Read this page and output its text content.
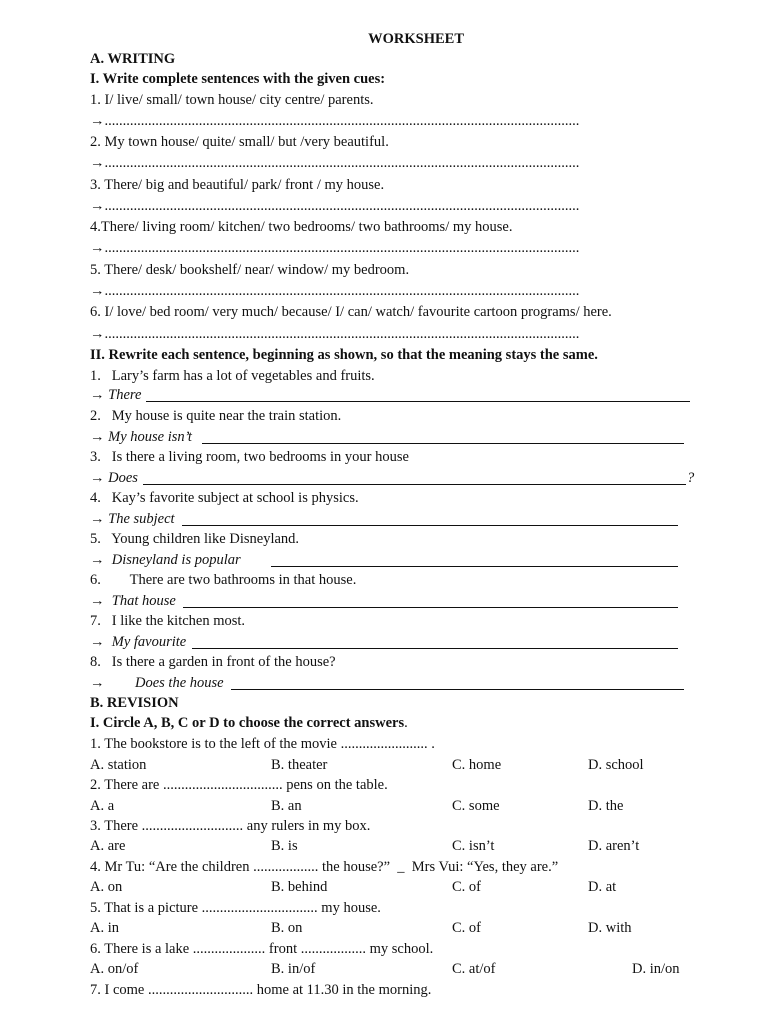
WORKSHEET
A. WRITING
I. Write complete sentences with the given cues:
1. I/ live/ small/ town house/ city centre/ parents.
→...................................................................................................................................
2. My town house/ quite/ small/ but /very beautiful.
→...................................................................................................................................
3. There/ big and beautiful/ park/ front / my house.
→...................................................................................................................................
4.There/ living room/ kitchen/ two bedrooms/ two bathrooms/ my house.
→...................................................................................................................................
5. There/ desk/ bookshelf/ near/ window/ my bedroom.
→...................................................................................................................................
6. I/ love/ bed room/ very much/ because/ I/ can/ watch/ favourite cartoon programs/ here.
→...................................................................................................................................
II. Rewrite each sentence, beginning as shown, so that the meaning stays the same.
1. Lary’s farm has a lot of vegetables and fruits.
→ There
2. My house is quite near the train station.
→ My house isn’t
3. Is there a living room, two bedrooms in your house
→ Does	?
4. Kay’s favorite subject at school is physics.
→ The subject
5. Young children like Disneyland.
→ Disneyland is popular
6. There are two bathrooms in that house.
→ That house
7. I like the kitchen most.
→ My favourite
8. Is there a garden in front of the house?
→ Does the house
B. REVISION
I. Circle A, B, C or D to choose the correct answers.
1. The bookstore is to the left of the movie ........................ .
A. station	B. theater	C. home	D. school
2. There are ................................. pens on the table.
A. a	B. an	C. some	D. the
3. There ............................ any rulers in my box.
A. are	B. is	C. isn’t	D. aren’t
4. Mr Tu: “Are the children .................. the house?”  _  Mrs Vui: “Yes, they are.”
A. on	B. behind	C. of	D. at
5. That is a picture ................................ my house.
A. in	B. on	C. of	D. with
6. There is a lake .................... front .................. my school.
A. on/of	B. in/of	C. at/of	D. in/on
7. I come ............................. home at 11.30 in the morning.
